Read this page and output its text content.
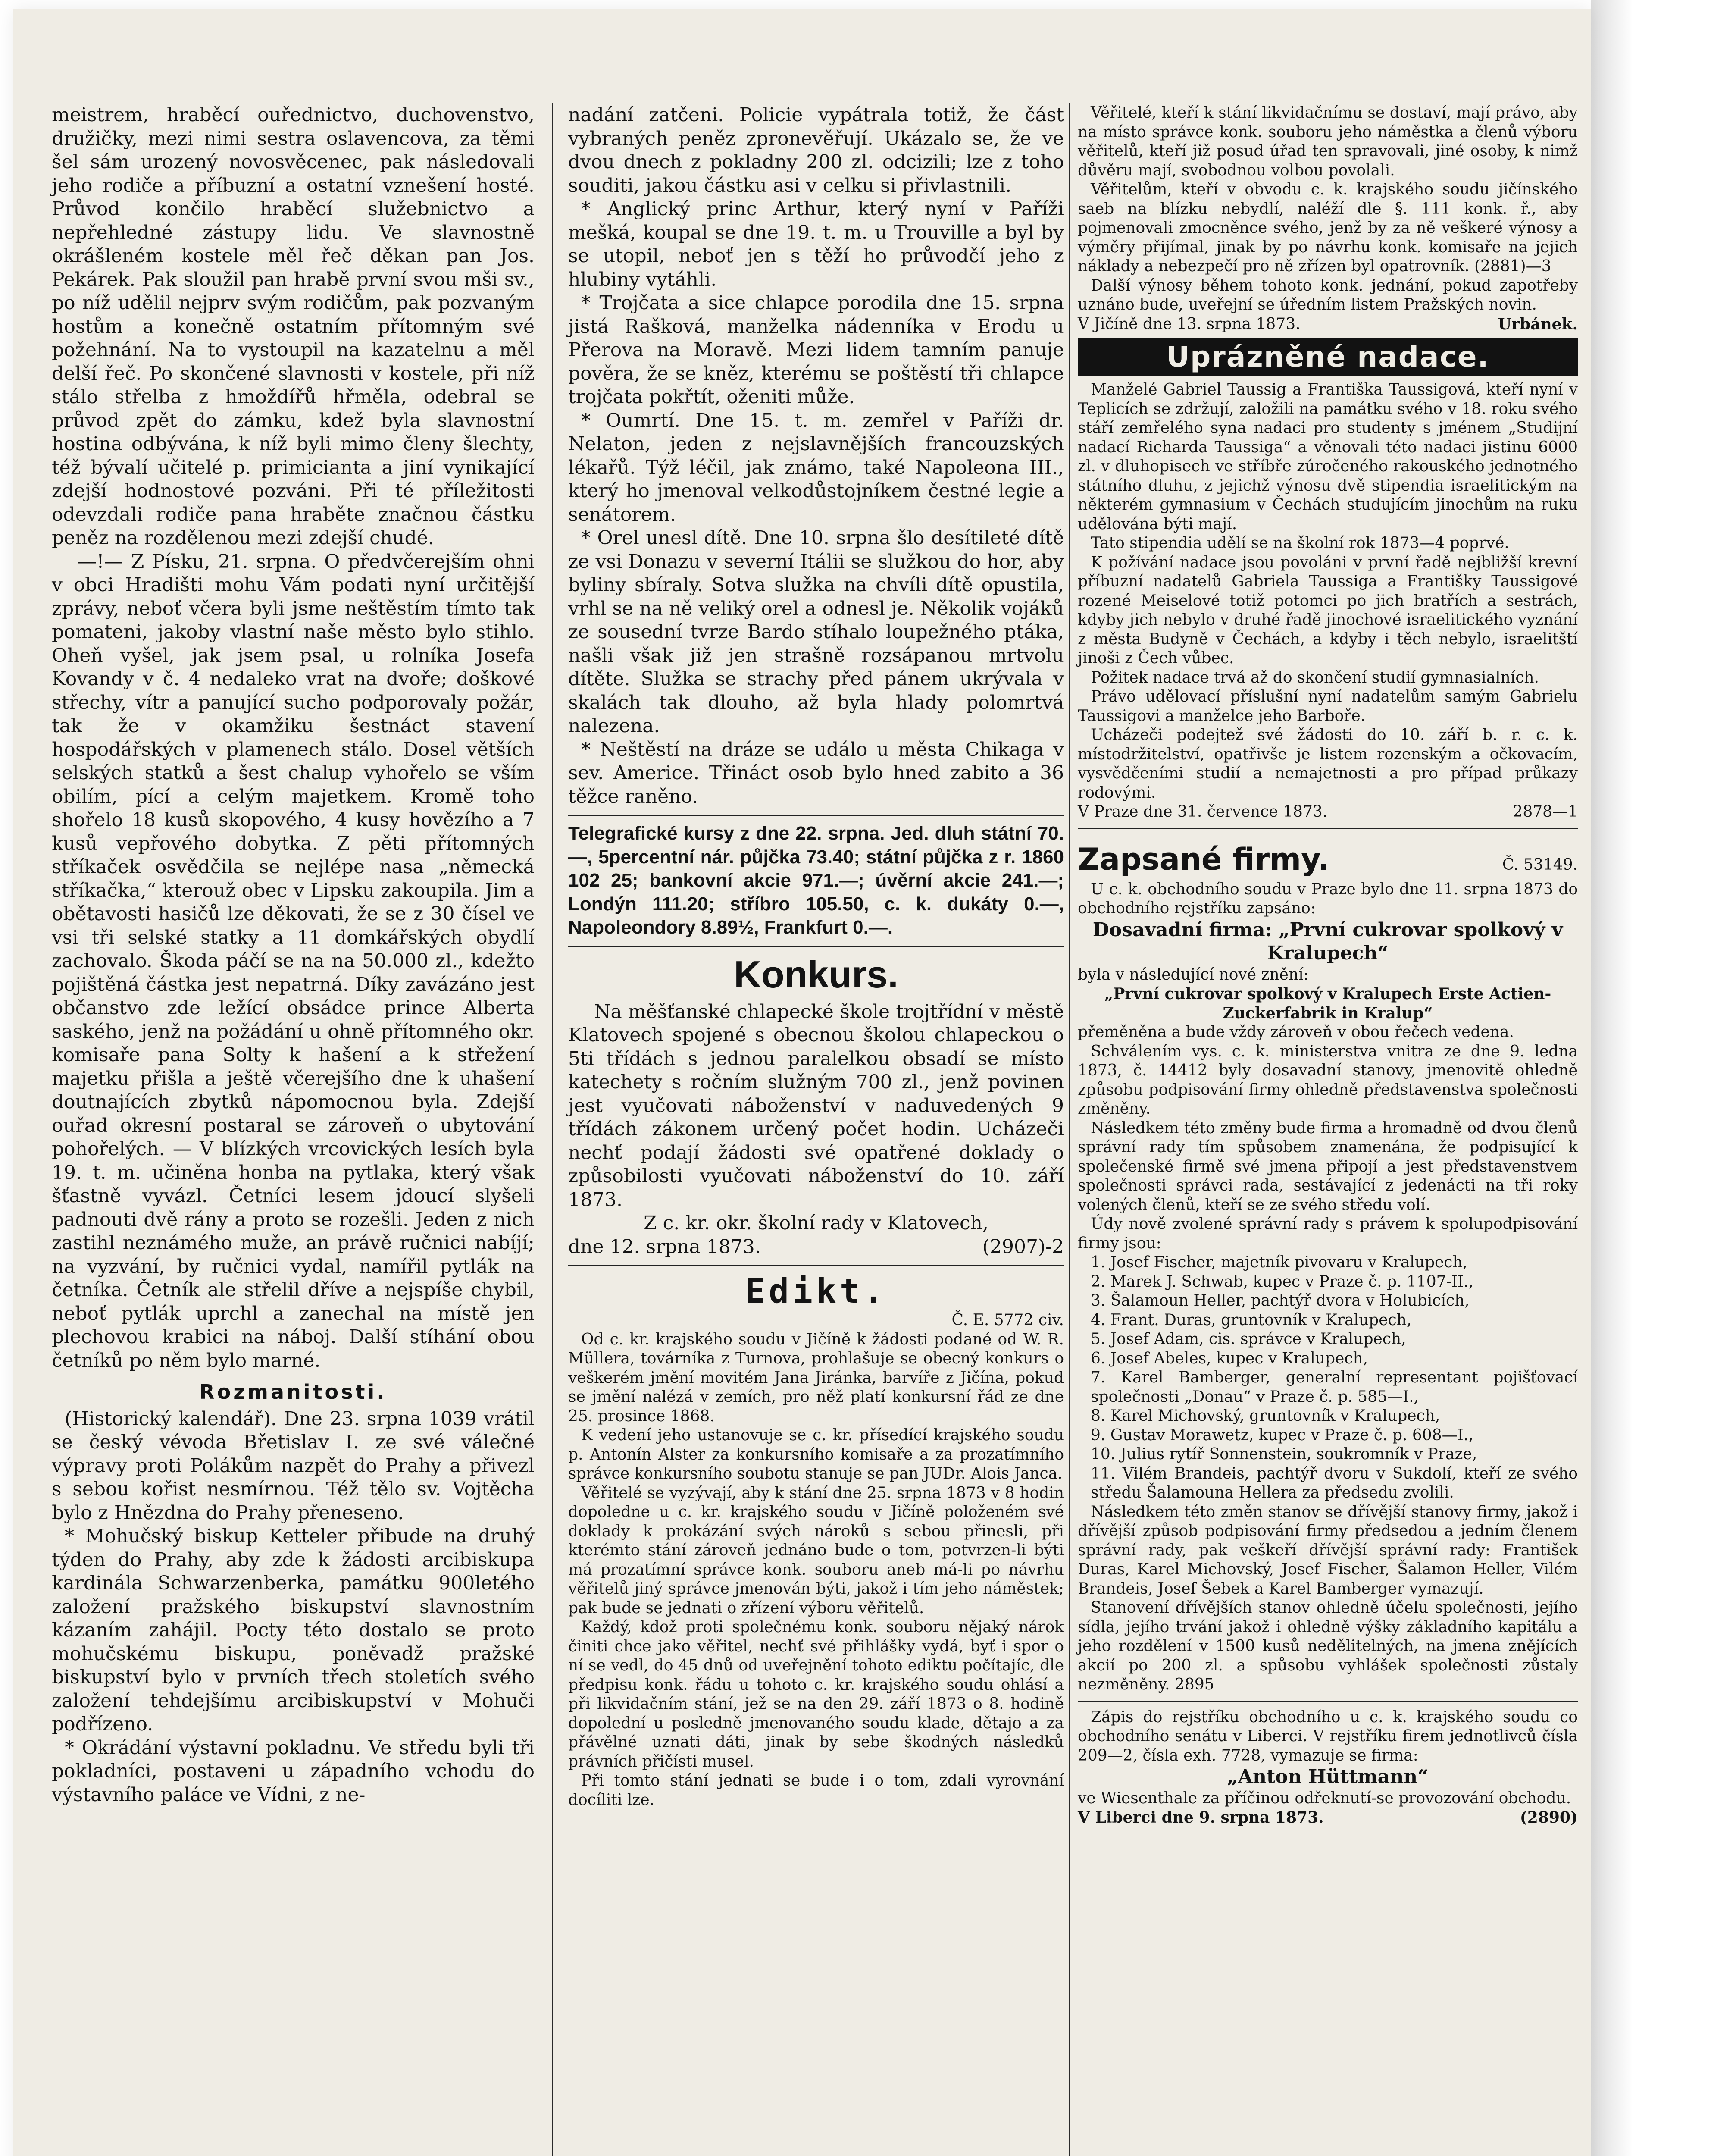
meistrem, hraběcí ouřednictvo, duchovenstvo, družičky, mezi nimi sestra oslavencova, za těmi šel sám urozený novosvěcenec, pak následovali jeho rodiče a příbuzní a ostatní vznešení hosté. Průvod končilo hraběcí služebnictvo a nepřehledné zástupy lidu. Ve slavnostně okrášleném kostele měl řeč děkan pan Jos. Pekárek. Pak sloužil pan hrabě první svou mši sv., po níž udělil nejprv svým rodičům, pak pozvaným hostům a konečně ostatním přítomným své požehnání. Na to vystoupil na kazatelnu a měl delší řeč. Po skončené slavnosti v kostele, při níž stálo střelba z hmoždířů hřměla, odebral se průvod zpět do zámku, kdež byla slavnostní hostina odbývána, k níž byli mimo členy šlechty, též bývalí učitelé p. primicianta a jiní vynikající zdejší hodnostové pozváni. Při té příležitosti odevzdali rodiče pana hraběte značnou částku peněz na rozdělenou mezi zdejší chudé.

—!— Z Písku, 21. srpna. O předvčerejším ohni v obci Hradišti mohu Vám podati nyní určitější zprávy, neboť včera byli jsme neštěstím tímto tak pomateni, jakoby vlastní naše město bylo stihlo. Oheň vyšel, jak jsem psal, u rolníka Josefa Kovandy v č. 4 nedaleko vrat na dvoře; doškové střechy, vítr a panující sucho podporovaly požár, tak že v okamžiku šestnáct stavení hospodářských v plamenech stálo. Dosel větších selských statků a šest chalup vyhořelo se vším obilím, pící a celým majetkem. Kromě toho shořelo 18 kusů skopového, 4 kusy hovězího a 7 kusů vepřového dobytka. Z pěti přítomných stříkaček osvědčila se nejlépe nasa „německá stříkačka,“ kterouž obec v Lipsku zakoupila. Jim a obětavosti hasičů lze děkovati, že se z 30 čísel ve vsi tři selské statky a 11 domkářských obydlí zachovalo. Škoda páčí se na na 50.000 zl., kdežto pojištěná částka jest nepatrná. Díky zavázáno jest občanstvo zde ležící obsádce prince Alberta saského, jenž na požádání u ohně přítomného okr. komisaře pana Solty k hašení a k střežení majetku přišla a ještě včerejšího dne k uhašení doutnajících zbytků nápomocnou byla. Zdejší ouřad okresní postaral se zároveň o ubytování pohořelých. — V blízkých vrcovických lesích byla 19. t. m. učiněna honba na pytlaka, který však šťastně vyvázl. Četníci lesem jdoucí slyšeli padnouti dvě rány a proto se rozešli. Jeden z nich zastihl neznámého muže, an právě ručnici nabíjí; na vyzvání, by ručnici vydal, namířil pytlák na četníka. Četník ale střelil dříve a nejspíše chybil, neboť pytlák uprchl a zanechal na místě jen plechovou krabici na náboj. Další stíhání obou četníků po něm bylo marné.

Rozmanitosti.

(Historický kalendář). Dne 23. srpna 1039 vrátil se český vévoda Břetislav I. ze své válečné výpravy proti Polákům nazpět do Prahy a přivezl s sebou kořist nesmírnou. Též tělo sv. Vojtěcha bylo z Hnězdna do Prahy přeneseno.

* Mohučský biskup Ketteler přibude na druhý týden do Prahy, aby zde k žádosti arcibiskupa kardinála Schwarzenberka, památku 900letého založení pražského biskupství slavnostním kázaním zahájil. Pocty této dostalo se proto mohučskému biskupu, poněvadž pražské biskupství bylo v prvních třech stoletích svého založení tehdejšímu arcibiskupství v Mohuči podřízeno.

* Okrádání výstavní pokladnu. Ve středu byli tři pokladníci, postaveni u západního vchodu do výstavního paláce ve Vídni, z ne-

nadání zatčeni. Policie vypátrala totiž, že část vybraných peněz zpronevěřují. Ukázalo se, že ve dvou dnech z pokladny 200 zl. odcizili; lze z toho souditi, jakou částku asi v celku si přivlastnili.

* Anglický princ Arthur, který nyní v Paříži mešká, koupal se dne 19. t. m. u Trouville a byl by se utopil, neboť jen s těží ho průvodčí jeho z hlubiny vytáhli.

* Trojčata a sice chlapce porodila dne 15. srpna jistá Rašková, manželka nádenníka v Erodu u Přerova na Moravě. Mezi lidem tamním panuje pověra, že se kněz, kterému se poštěstí tři chlapce trojčata pokřtít, oženiti může.

* Oumrtí. Dne 15. t. m. zemřel v Paříži dr. Nelaton, jeden z nejslavnějších francouzských lékařů. Týž léčil, jak známo, také Napoleona III., který ho jmenoval velkodůstojníkem čestné legie a senátorem.

* Orel unesl dítě. Dne 10. srpna šlo desítileté dítě ze vsi Donazu v severní Itálii se služkou do hor, aby byliny sbíraly. Sotva služka na chvíli dítě opustila, vrhl se na ně veliký orel a odnesl je. Několik vojáků ze sousední tvrze Bardo stíhalo loupežného ptáka, našli však již jen strašně rozsápanou mrtvolu dítěte. Služka se strachy před pánem ukrývala v skalách tak dlouho, až byla hlady polomrtvá nalezena.

* Neštěstí na dráze se událo u města Chikaga v sev. Americe. Třináct osob bylo hned zabito a 36 těžce raněno.

Telegrafické kursy z dne 22. srpna. Jed. dluh státní 70.—, 5percentní nár. půjčka 73.40; státní půjčka z r. 1860 102 25; bankovní akcie 971.—; úvěrní akcie 241.—; Londýn 111.20; stříbro 105.50, c. k. dukáty 0.—, Napoleondory 8.89½, Frankfurt 0.—.

Konkurs.

Na měšťanské chlapecké škole trojtřídní v městě Klatovech spojené s obecnou školou chlapeckou o 5ti třídách s jednou paralelkou obsadí se místo katechety s ročním služným 700 zl., jenž povinen jest vyučovati náboženství v naduvedených 9 třídách zákonem určený počet hodin. Ucházeči nechť podají žádosti své opatřené doklady o způsobilosti vyučovati náboženství do 10. září 1873.

Z c. kr. okr. školní rady v Klatovech,

dne 12. srpna 1873.	(2907)-2
Edikt.

Č. E. 5772 civ.

Od c. kr. krajského soudu v Jičíně k žádosti podané od W. R. Müllera, továrníka z Turnova, prohlašuje se obecný konkurs o veškerém jmění movitém Jana Jiránka, barvíře z Jičína, pokud se jmění nalézá v zemích, pro něž platí konkursní řád ze dne 25. prosince 1868.

K vedení jeho ustanovuje se c. kr. přísedící krajského soudu p. Antonín Alster za konkursního komisaře a za prozatímního správce konkursního soubotu stanuje se pan JUDr. Alois Janca.

Věřitelé se vyzývají, aby k stání dne 25. srpna 1873 v 8 hodin dopoledne u c. kr. krajského soudu v Jičíně položeném své doklady k prokázání svých nároků s sebou přinesli, při kterémto stání zároveň jednáno bude o tom, potvrzen-li býti má prozatímní správce konk. souboru aneb má-li po návrhu věřitelů jiný správce jmenován býti, jakož i tím jeho náměstek; pak bude se jednati o zřízení výboru věřitelů.

Každý, kdož proti společnému konk. souboru nějaký nárok činiti chce jako věřitel, nechť své přihlášky vydá, byť i spor o ní se vedl, do 45 dnů od uveřejnění tohoto ediktu počítajíc, dle předpisu konk. řádu u tohoto c. kr. krajského soudu ohlásí a při likvidačním stání, jež se na den 29. září 1873 o 8. hodině dopolední u posledně jmenovaného soudu klade, dětajo a za přávělné uznati dáti, jinak by sebe škodných následků právních přičísti musel.

Při tomto stání jednati se bude i o tom, zdali vyrovnání docíliti lze.

Věřitelé, kteří k stání likvidačnímu se dostaví, mají právo, aby na místo správce konk. souboru jeho náměstka a členů výboru věřitelů, kteří již posud úřad ten spravovali, jiné osoby, k nimž důvěru mají, svobodnou volbou povolali.

Věřitelům, kteří v obvodu c. k. krajského soudu jičínského saeb na blízku nebydlí, naléží dle §. 111 konk. ř., aby pojmenovali zmocněnce svého, jenž by za ně veškeré výnosy a výměry přijímal, jinak by po návrhu konk. komisaře na jejich náklady a nebezpečí pro ně zřízen byl opatrovník. (2881)—3

Další výnosy během tohoto konk. jednání, pokud zapotřeby uznáno bude, uveřejní se úředním listem Pražských novin.

V Jičíně dne 13. srpna 1873.	Urbánek.
Uprázněné nadace.

Manželé Gabriel Taussig a Františka Taussigová, kteří nyní v Teplicích se zdržují, založili na památku svého v 18. roku svého stáří zemřelého syna nadaci pro studenty s jménem „Studijní nadací Richarda Taussiga“ a věnovali této nadaci jistinu 6000 zl. v dluhopisech ve stříbře zúročeného rakouského jednotného státního dluhu, z jejichž výnosu dvě stipendia israelitickým na některém gymnasium v Čechách studujícím jinochům na ruku udělována býti mají.

Tato stipendia udělí se na školní rok 1873—4 poprvé.

K požívání nadace jsou povoláni v první řadě nejbližší krevní příbuzní nadatelů Gabriela Taussiga a Františky Taussigové rozené Meiselové totiž potomci po jich bratřích a sestrách, kdyby jich nebylo v druhé řadě jinochové israelitického vyznání z města Budyně v Čechách, a kdyby i těch nebylo, israelitští jinoši z Čech vůbec.

Požitek nadace trvá až do skončení studií gymnasialních.

Právo udělovací příslušní nyní nadatelům samým Gabrielu Taussigovi a manželce jeho Barboře.

Ucházeči podejtež své žádosti do 10. září b. r. c. k. místodržitelství, opatřivše je listem rozenským a očkovacím, vysvědčeními studií a nemajetnosti a pro případ průkazy rodovými.

V Praze dne 31. července 1873.	2878—1
Zapsané firmy.	Č. 53149.

U c. k. obchodního soudu v Praze bylo dne 11. srpna 1873 do obchodního rejstříku zapsáno:

Dosavadní firma: „První cukrovar spolkový v Kralupech“

byla v následující nové znění:

„První cukrovar spolkový v Kralupech Erste Actien-Zuckerfabrik in Kralup“

přeměněna a bude vždy zároveň v obou řečech vedena.

Schválením vys. c. k. ministerstva vnitra ze dne 9. ledna 1873, č. 14412 byly dosavadní stanovy, jmenovitě ohledně způsobu podpisování firmy ohledně představenstva společnosti změněny.

Následkem této změny bude firma a hromadně od dvou členů správní rady tím spůsobem znamenána, že podpisující k společenské firmě své jmena připojí a jest představenstvem společnosti správci rada, sestávající z jedenácti na tři roky volených členů, kteří se ze svého středu volí.

Údy nově zvolené správní rady s právem k spolupodpisování firmy jsou:

1. Josef Fischer, majetník pivovaru v Kralupech,

2. Marek J. Schwab, kupec v Praze č. p. 1107-II.,

3. Šalamoun Heller, pachtýř dvora v Holubicích,

4. Frant. Duras, gruntovník v Kralupech,

5. Josef Adam, cis. správce v Kralupech,

6. Josef Abeles, kupec v Kralupech,

7. Karel Bamberger, generalní representant pojišťovací společnosti „Donau“ v Praze č. p. 585—I.,

8. Karel Michovský, gruntovník v Kralupech,

9. Gustav Morawetz, kupec v Praze č. p. 608—I.,

10. Julius rytíř Sonnenstein, soukromník v Praze,

11. Vilém Brandeis, pachtýř dvoru v Sukdolí, kteří ze svého středu Šalamouna Hellera za předsedu zvolili.

Následkem této změn stanov se dřívější stanovy firmy, jakož i dřívější způsob podpisování firmy předsedou a jedním členem správní rady, pak veškeří dřívější správní rady: František Duras, Karel Michovský, Josef Fischer, Šalamon Heller, Vilém Brandeis, Josef Šebek a Karel Bamberger vymazují.

Stanovení dřívějších stanov ohledně účelu společnosti, jejího sídla, jejího trvání jakož i ohledně výšky základního kapitálu a jeho rozdělení v 1500 kusů nedělitelných, na jmena znějících akcií po 200 zl. a spůsobu vyhlášek společnosti zůstaly nezměněny. 2895

Zápis do rejstříku obchodního u c. k. krajského soudu co obchodního senátu v Liberci. V rejstříku firem jednotlivců čísla 209—2, čísla exh. 7728, vymazuje se firma:

„Anton Hüttmann“

ve Wiesenthale za příčinou odřeknutí-se provozování obchodu.

V Liberci dne 9. srpna 1873.	(2890)
